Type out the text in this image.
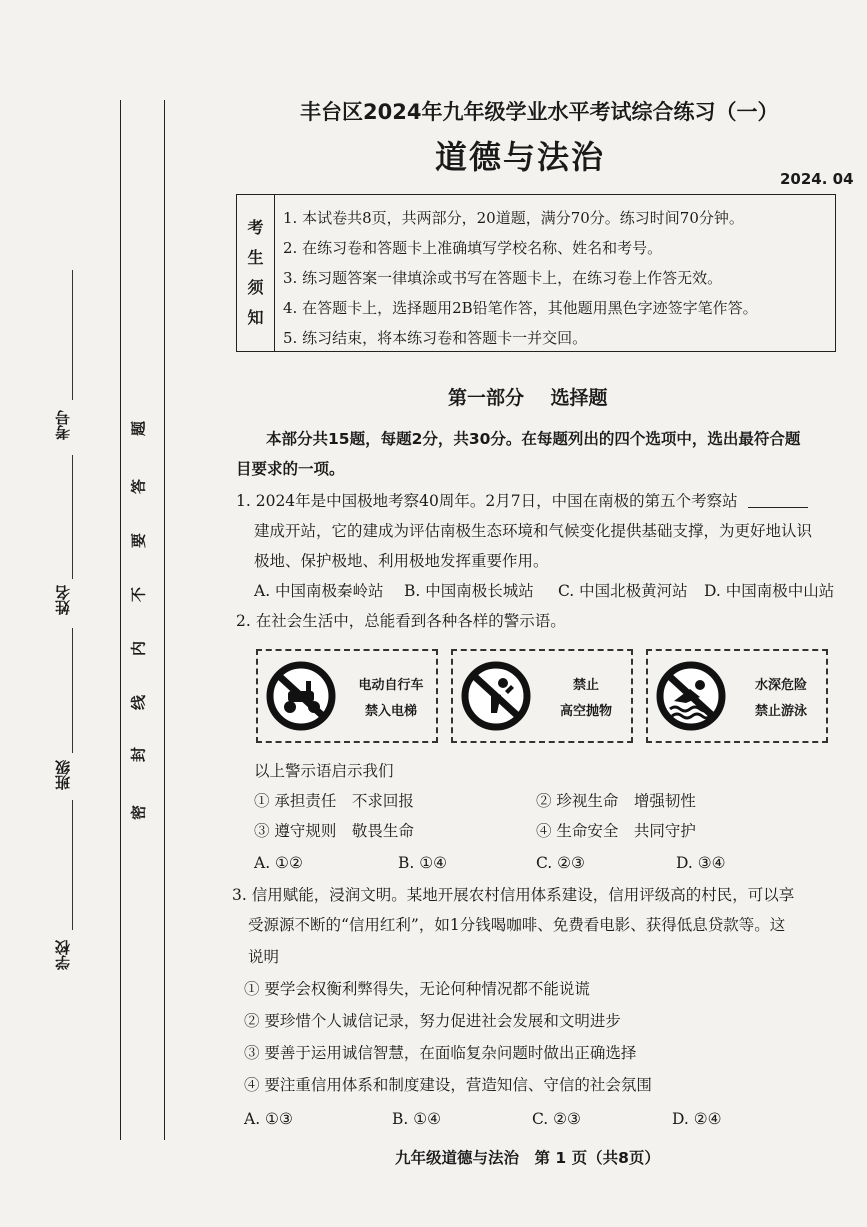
密
封
线
内
不
要
答
题
学校
班级
姓名
考号
丰台区2024年九年级学业水平考试综合练习（一）
道德与法治
2024. 04
考
生
须
知
1. 本试卷共8页，共两部分，20道题，满分70分。练习时间70分钟。
2. 在练习卷和答题卡上准确填写学校名称、姓名和考号。
3. 练习题答案一律填涂或书写在答题卡上，在练习卷上作答无效。
4. 在答题卡上，选择题用2B铅笔作答，其他题用黑色字迹签字笔作答。
5. 练习结束，将本练习卷和答题卡一并交回。
第一部分    选择题
本部分共15题，每题2分，共30分。在每题列出的四个选项中，选出最符合题
目要求的一项。
1. 2024年是中国极地考察40周年。2月7日，中国在南极的第五个考察站
建成开站，它的建成为评估南极生态环境和气候变化提供基础支撑，为更好地认识
极地、保护极地、利用极地发挥重要作用。
A. 中国南极秦岭站 B. 中国南极长城站 C. 中国北极黄河站 D. 中国南极中山站
2. 在社会生活中，总能看到各种各样的警示语。
电动自行车
禁入电梯
禁止
高空抛物
水深危险
禁止游泳
以上警示语启示我们
① 承担责任　不求回报	② 珍视生命　增强韧性
③ 遵守规则　敬畏生命	④ 生命安全　共同守护
A. ①②	B. ①④	C. ②③	D. ③④
3. 信用赋能，浸润文明。某地开展农村信用体系建设，信用评级高的村民，可以享
受源源不断的“信用红利”，如1分钱喝咖啡、免费看电影、获得低息贷款等。这
说明
① 要学会权衡利弊得失，无论何种情况都不能说谎
② 要珍惜个人诚信记录，努力促进社会发展和文明进步
③ 要善于运用诚信智慧，在面临复杂问题时做出正确选择
④ 要注重信用体系和制度建设，营造知信、守信的社会氛围
A. ①③	B. ①④	C. ②③	D. ②④
九年级道德与法治　第 1 页（共8页）
